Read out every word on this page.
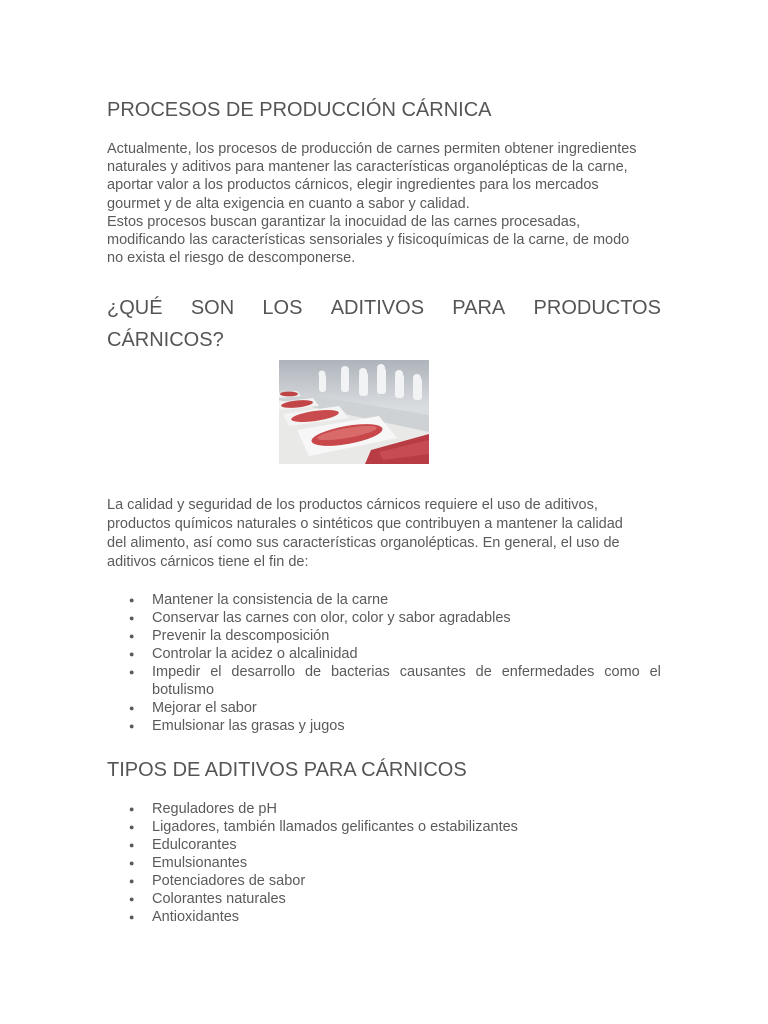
PROCESOS DE PRODUCCIÓN CÁRNICA

Actualmente, los procesos de producción de carnes permiten obtener ingredientes
naturales y aditivos para mantener las características organolépticas de la carne,
aportar valor a los productos cárnicos, elegir ingredientes para los mercados
gourmet y de alta exigencia en cuanto a sabor y calidad.
Estos procesos buscan garantizar la inocuidad de las carnes procesadas,
modificando las características sensoriales y fisicoquímicas de la carne, de modo
no exista el riesgo de descomponerse.

¿QUÉ SON LOS ADITIVOS PARA PRODUCTOS
CÁRNICOS?

La calidad y seguridad de los productos cárnicos requiere el uso de aditivos,
productos químicos naturales o sintéticos que contribuyen a mantener la calidad
del alimento, así como sus características organolépticas. En general, el uso de
aditivos cárnicos tiene el fin de:

● Mantener la consistencia de la carne
● Conservar las carnes con olor, color y sabor agradables
● Prevenir la descomposición
● Controlar la acidez o alcalinidad
● Impedir el desarrollo de bacterias causantes de enfermedades como el
botulismo
● Mejorar el sabor
● Emulsionar las grasas y jugos
TIPOS DE ADITIVOS PARA CÁRNICOS
● Reguladores de pH
● Ligadores, también llamados gelificantes o estabilizantes
● Edulcorantes
● Emulsionantes
● Potenciadores de sabor
● Colorantes naturales
● Antioxidantes
